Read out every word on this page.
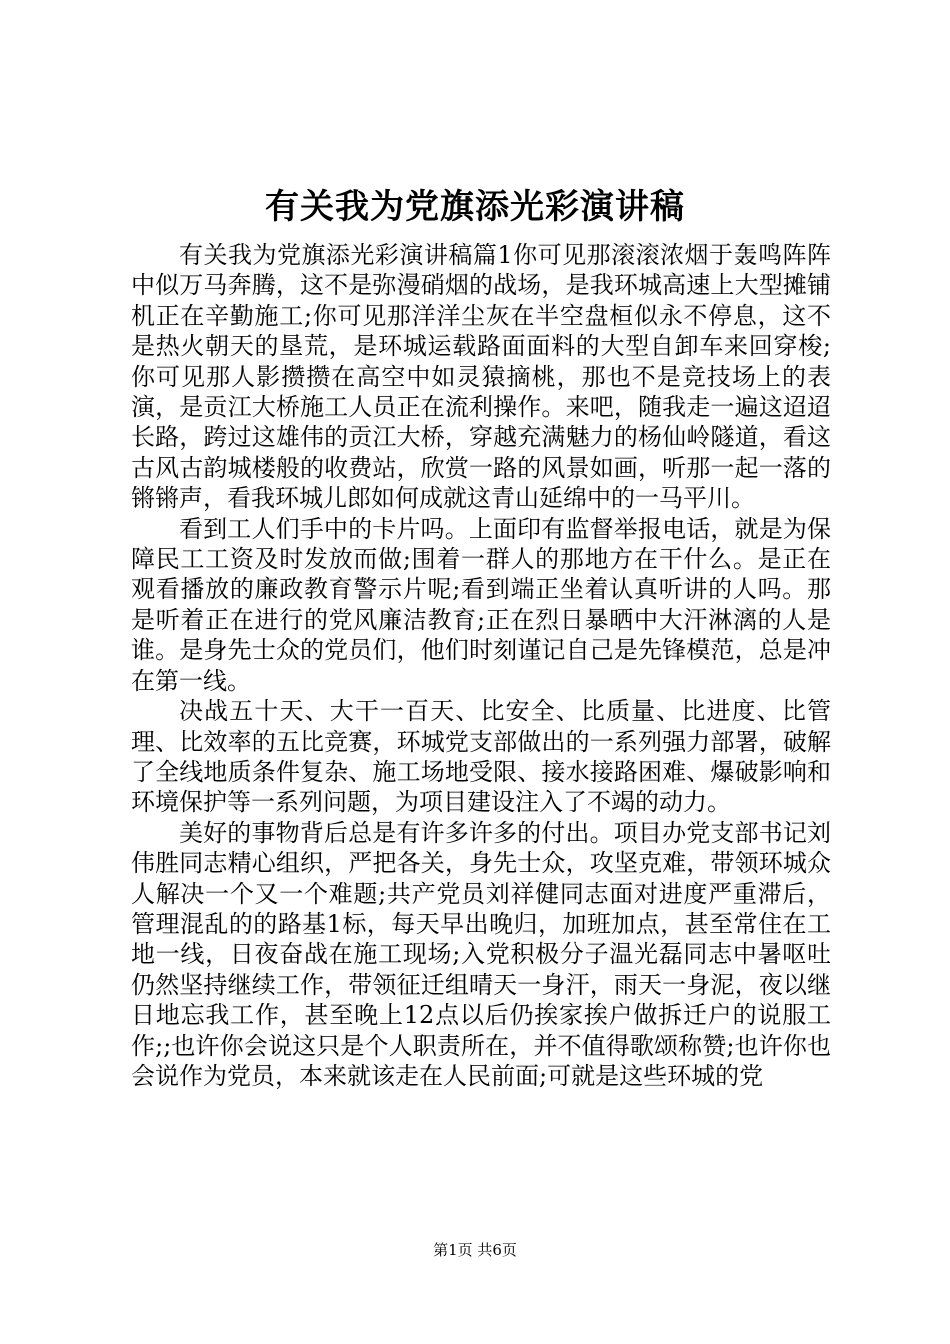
有关我为党旗添光彩演讲稿

有关我为党旗添光彩演讲稿篇1你可见那滚滚浓烟于轰鸣阵阵中似万马奔腾，这不是弥漫硝烟的战场，是我环城高速上大型摊铺机正在辛勤施工;你可见那洋洋尘灰在半空盘桓似永不停息，这不是热火朝天的垦荒，是环城运载路面面料的大型自卸车来回穿梭;你可见那人影攒攒在高空中如灵猿摘桃，那也不是竞技场上的表演，是贡江大桥施工人员正在流利操作。来吧，随我走一遍这迢迢长路，跨过这雄伟的贡江大桥，穿越充满魅力的杨仙岭隧道，看这古风古韵城楼般的收费站，欣赏一路的风景如画，听那一起一落的锵锵声，看我环城儿郎如何成就这青山延绵中的一马平川。

看到工人们手中的卡片吗。上面印有监督举报电话，就是为保障民工工资及时发放而做;围着一群人的那地方在干什么。是正在观看播放的廉政教育警示片呢;看到端正坐着认真听讲的人吗。那是听着正在进行的党风廉洁教育;正在烈日暴晒中大汗淋漓的人是谁。是身先士众的党员们，他们时刻谨记自己是先锋模范，总是冲在第一线。

决战五十天、大干一百天、比安全、比质量、比进度、比管理、比效率的五比竞赛，环城党支部做出的一系列强力部署，破解了全线地质条件复杂、施工场地受限、接水接路困难、爆破影响和环境保护等一系列问题，为项目建设注入了不竭的动力。

美好的事物背后总是有许多许多的付出。项目办党支部书记刘伟胜同志精心组织，严把各关，身先士众，攻坚克难，带领环城众人解决一个又一个难题;共产党员刘祥健同志面对进度严重滞后，管理混乱的的路基1标，每天早出晚归，加班加点，甚至常住在工地一线，日夜奋战在施工现场;入党积极分子温光磊同志中暑呕吐仍然坚持继续工作，带领征迁组晴天一身汗，雨天一身泥，夜以继日地忘我工作，甚至晚上12点以后仍挨家挨户做拆迁户的说服工作;;也许你会说这只是个人职责所在，并不值得歌颂称赞;也许你也会说作为党员，本来就该走在人民前面;可就是这些环城的党

第1页 共6页
